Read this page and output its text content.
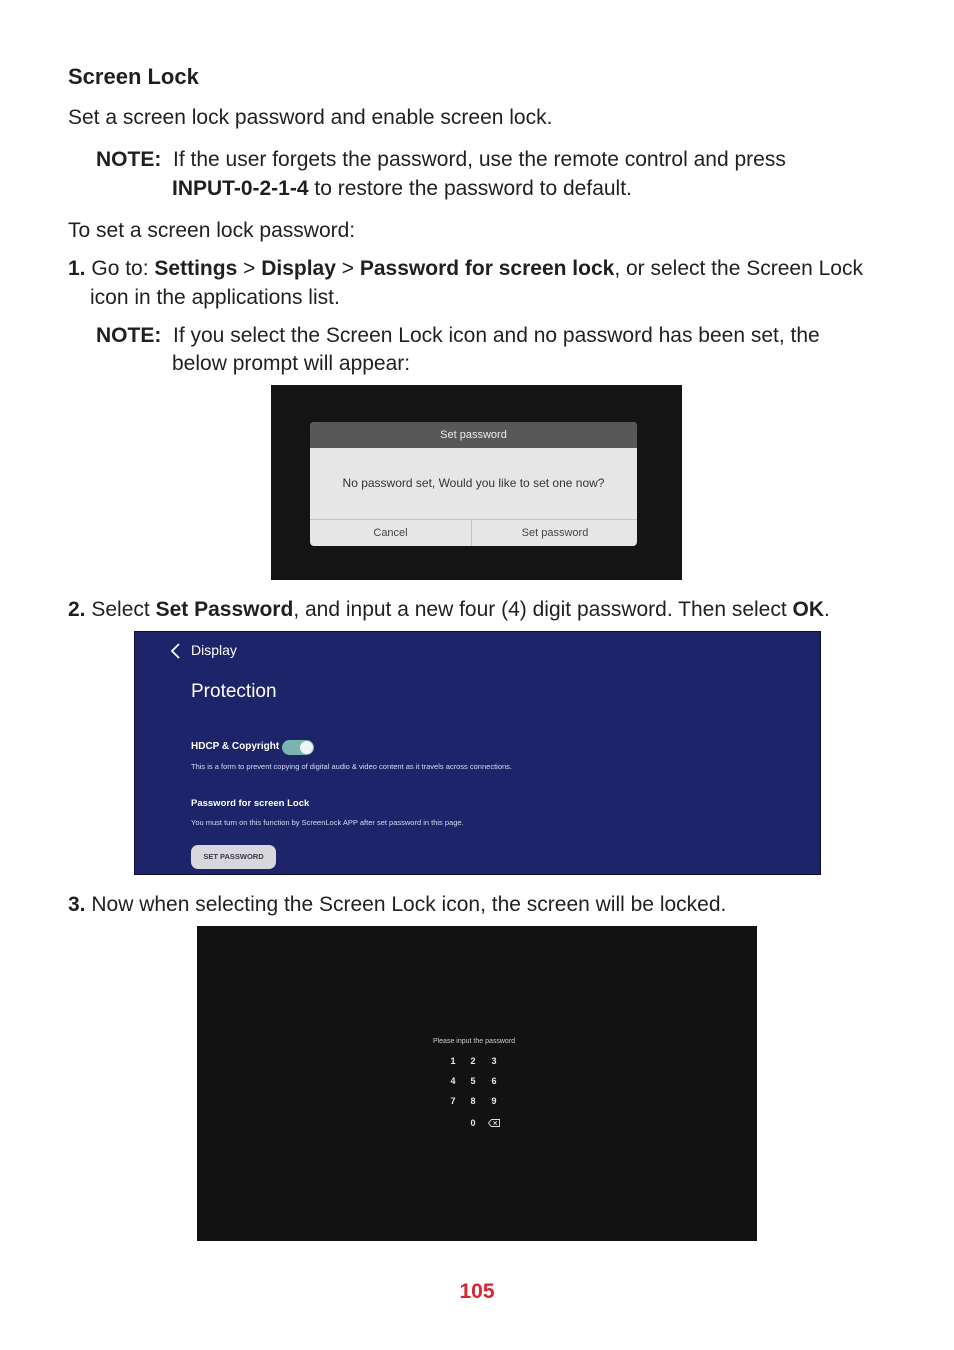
Screen Lock
Set a screen lock password and enable screen lock.
NOTE: If the user forgets the password, use the remote control and press
INPUT-0-2-1-4 to restore the password to default.
To set a screen lock password:
1. Go to: Settings > Display > Password for screen lock, or select the Screen Lock
icon in the applications list.
NOTE: If you select the Screen Lock icon and no password has been set, the
below prompt will appear:
Set password
No password set, Would you like to set one now?
Cancel	Set password
2. Select Set Password, and input a new four (4) digit password. Then select OK.
Display
Protection
HDCP & Copyright
This is a form to prevent copying of digital audio & video content as it travels across connections.
Password for screen Lock
You must turn on this function by ScreenLock APP after set password in this page.
SET PASSWORD
3. Now when selecting the Screen Lock icon, the screen will be locked.
Please input the password
1	2	3
4	5	6
7	8	9
0
105
